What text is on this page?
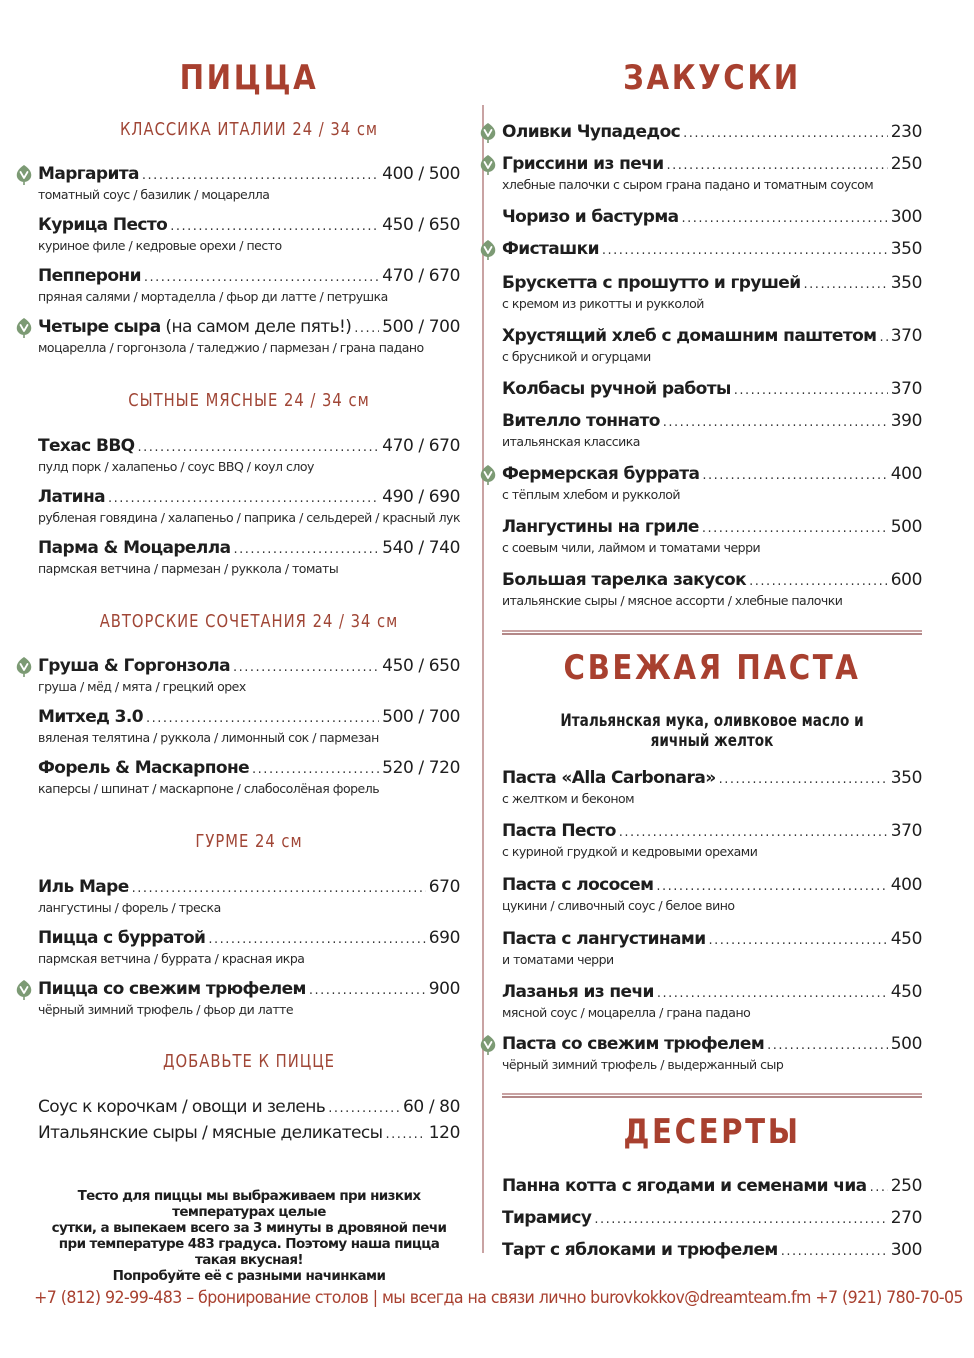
ПИЦЦА
КЛАССИКА ИТАЛИИ 24 / 34 см
Маргарита .....	400 / 500
томатный соус / базилик / моцарелла
Курица Песто .....	450 / 650
куриное филе / кедровые орехи / песто
Пепперони .....	470 / 670
пряная салями / мортаделла / фьор ди латте / петрушка
Четыре сыра (на самом деле пять!) ..... 500 / 700
моцарелла / горгонзола / таледжио / пармезан / грана падано
СЫТНЫЕ МЯСНЫЕ 24 / 34 см
Техас BBQ .....	470 / 670
пулд порк / халапеньо / соус BBQ / коул слоу
Латина .....	490 / 690
рубленая говядина / халапеньо / паприка / сельдерей / красный лук
Парма & Моцарелла .....	540 / 740
пармская ветчина / пармезан / руккола / томаты
АВТОРСКИЕ СОЧЕТАНИЯ 24 / 34 см
Груша & Горгонзола .....	450 / 650
груша / мёд / мята / грецкий орех
Митхед 3.0 .....	500 / 700
вяленая телятина / руккола / лимонный сок / пармезан
Форель & Маскарпоне .....	520 / 720
каперсы / шпинат / маскарпоне / слабосолёная форель
ГУРМЕ 24 см
Иль Маре .....	670
лангустины / форель / треска
Пицца с бурратой .....	690
пармская ветчина / буррата / красная икра
Пицца со свежим трюфелем .....	900
чёрный зимний трюфель / фьор ди латте
ДОБАВЬТЕ К ПИЦЦЕ
Соус к корочкам / овощи и зелень .....	60 / 80
Итальянские сыры / мясные деликатесы .....	120
Тесто для пиццы мы выбраживаем при низких температурах целые
сутки, а выпекаем всего за 3 минуты в дровяной печи
при температуре 483 градуса. Поэтому наша пицца такая вкусная!
Попробуйте её с разными начинками
ЗАКУСКИ
Оливки Чупадедос .....	230
Гриссини из печи .....	250
хлебные палочки с сыром грана падано и томатным соусом
Чоризо и бастурма .....	300
Фисташки .....	350
Брускетта с прошутто и грушей .....	350
с кремом из рикотты и рукколой
Хрустящий хлеб с домашним паштетом ..... 370
с брусникой и огурцами
Колбасы ручной работы .....	370
Вителло тоннато .....	390
итальянская классика
Фермерская буррата .....	400
с тёплым хлебом и рукколой
Лангустины на гриле .....	500
с соевым чили, лаймом и томатами черри
Большая тарелка закусок .....	600
итальянские сыры / мясное ассорти / хлебные палочки
СВЕЖАЯ ПАСТА
Итальянская мука, оливковое масло и яичный желток
Паста «Alla Carbonara» .....	350
с желтком и беконом
Паста Песто .....	370
с куриной грудкой и кедровыми орехами
Паста с лососем .....	400
цукини / сливочный соус / белое вино
Паста с лангустинами .....	450
и томатами черри
Лазанья из печи .....	450
мясной соус / моцарелла / грана падано
Паста со свежим трюфелем .....	500
чёрный зимний трюфель / выдержанный сыр
ДЕСЕРТЫ
Панна котта с ягодами и семенами чиа ..... 250
Тирамису .....	270
Тарт с яблоками и трюфелем .....	300
+7 (812) 92-99-483 – бронирование столов | мы всегда на связи лично burovkokkov@dreamteam.fm +7 (921) 780-70-05
